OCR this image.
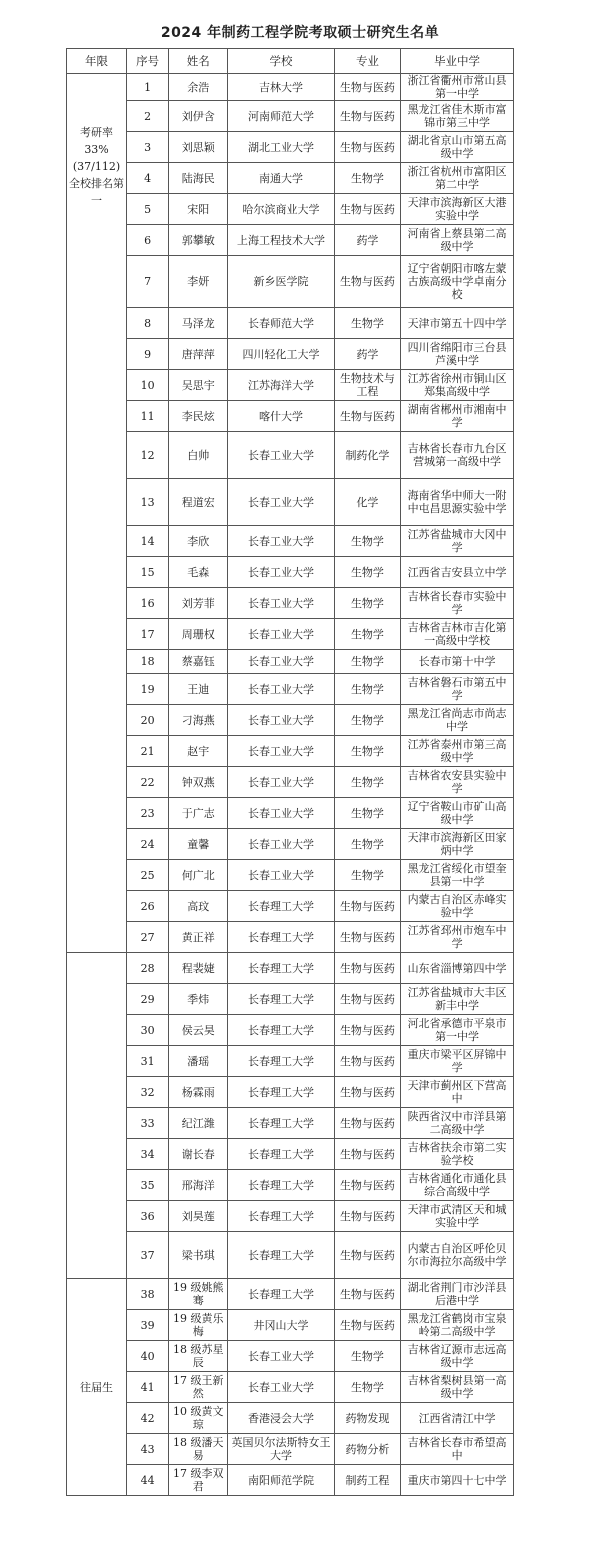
2024 年制药工程学院考取硕士研究生名单
年限	序号	姓名	学校	专业	毕业中学
考研率 33%(37/112) 全校排名第一	1	余浩	吉林大学	生物与医药	浙江省衢州市常山县第一中学
	2	刘伊含	河南师范大学	生物与医药	黑龙江省佳木斯市富锦市第三中学
	3	刘思颖	湖北工业大学	生物与医药	湖北省京山市第五高级中学
	4	陆海民	南通大学	生物学	浙江省杭州市富阳区第二中学
	5	宋阳	哈尔滨商业大学	生物与医药	天津市滨海新区大港实验中学
	6	郭攀敏	上海工程技术大学	药学	河南省上蔡县第二高级中学
	7	李妍	新乡医学院	生物与医药	辽宁省朝阳市喀左蒙古族高级中学卓南分校
	8	马泽龙	长春师范大学	生物学	天津市第五十四中学
	9	唐萍萍	四川轻化工大学	药学	四川省绵阳市三台县芦溪中学
	10	吴思宇	江苏海洋大学	生物技术与工程	江苏省徐州市铜山区郑集高级中学
	11	李民炫	喀什大学	生物与医药	湖南省郴州市湘南中学
	12	白帅	长春工业大学	制药化学	吉林省长春市九台区营城第一高级中学
	13	程道宏	长春工业大学	化学	海南省华中师大一附中屯昌思源实验中学
	14	李欣	长春工业大学	生物学	江苏省盐城市大冈中学
	15	毛森	长春工业大学	生物学	江西省吉安县立中学
	16	刘芳菲	长春工业大学	生物学	吉林省长春市实验中学
	17	周珊权	长春工业大学	生物学	吉林省吉林市吉化第一高级中学校
	18	蔡嘉钰	长春工业大学	生物学	长春市第十中学
	19	王迪	长春工业大学	生物学	吉林省磐石市第五中学
	20	刁海燕	长春工业大学	生物学	黑龙江省尚志市尚志中学
	21	赵宇	长春工业大学	生物学	江苏省泰州市第三高级中学
	22	钟双燕	长春工业大学	生物学	吉林省农安县实验中学
	23	于广志	长春工业大学	生物学	辽宁省鞍山市矿山高级中学
	24	童馨	长春工业大学	生物学	天津市滨海新区田家炳中学
	25	何广北	长春工业大学	生物学	黑龙江省绥化市望奎县第一中学
	26	高玟	长春理工大学	生物与医药	内蒙古自治区赤峰实验中学
	27	黄正祥	长春理工大学	生物与医药	江苏省邳州市炮车中学
	28	程裴婕	长春理工大学	生物与医药	山东省淄博第四中学
	29	季炜	长春理工大学	生物与医药	江苏省盐城市大丰区新丰中学
	30	侯云昊	长春理工大学	生物与医药	河北省承德市平泉市第一中学
	31	潘瑶	长春理工大学	生物与医药	重庆市梁平区屏锦中学
	32	杨霖雨	长春理工大学	生物与医药	天津市蓟州区下营高中
	33	纪江潍	长春理工大学	生物与医药	陕西省汉中市洋县第二高级中学
	34	谢长春	长春理工大学	生物与医药	吉林省扶余市第二实验学校
	35	邢海洋	长春理工大学	生物与医药	吉林省通化市通化县综合高级中学
	36	刘昊莲	长春理工大学	生物与医药	天津市武清区天和城实验中学
	37	梁书琪	长春理工大学	生物与医药	内蒙古自治区呼伦贝尔市海拉尔高级中学
往届生	38	19 级姚熊骞	长春理工大学	生物与医药	湖北省荆门市沙洋县后港中学
	39	19 级黄乐梅	井冈山大学	生物与医药	黑龙江省鹤岗市宝泉岭第二高级中学
	40	18 级苏星辰	长春工业大学	生物学	吉林省辽源市志远高级中学
	41	17 级王新然	长春工业大学	生物学	吉林省梨树县第一高级中学
	42	10 级黄文琼	香港浸会大学	药物发现	江西省清江中学
	43	18 级潘天易	英国贝尔法斯特女王大学	药物分析	吉林省长春市希望高中
	44	17 级李双君	南阳师范学院	制药工程	重庆市第四十七中学
